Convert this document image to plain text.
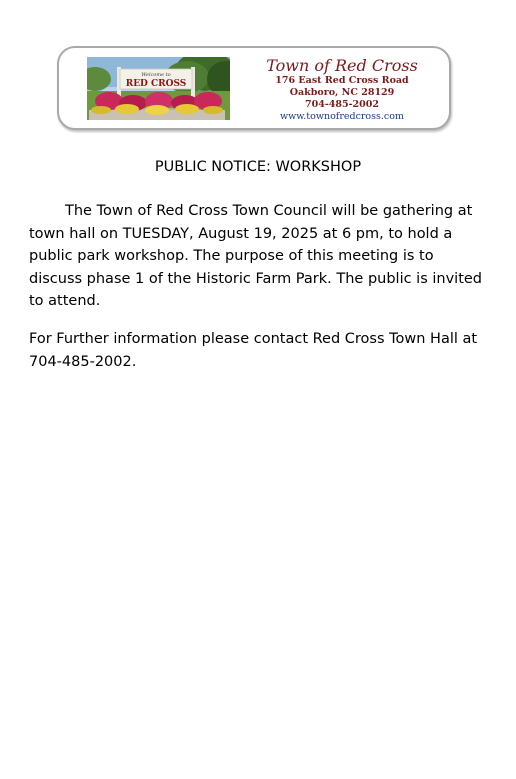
Welcome to
RED CROSS
Town of Red Cross
176 East Red Cross Road
Oakboro, NC 28129
704-485-2002
www.townofredcross.com
PUBLIC NOTICE: WORKSHOP
The Town of Red Cross Town Council will be gathering at town hall on TUESDAY, August 19, 2025 at 6 pm, to hold a public park workshop. The purpose of this meeting is to discuss phase 1 of the Historic Farm Park. The public is invited to attend.
For Further information please contact Red Cross Town Hall at 704-485-2002.
